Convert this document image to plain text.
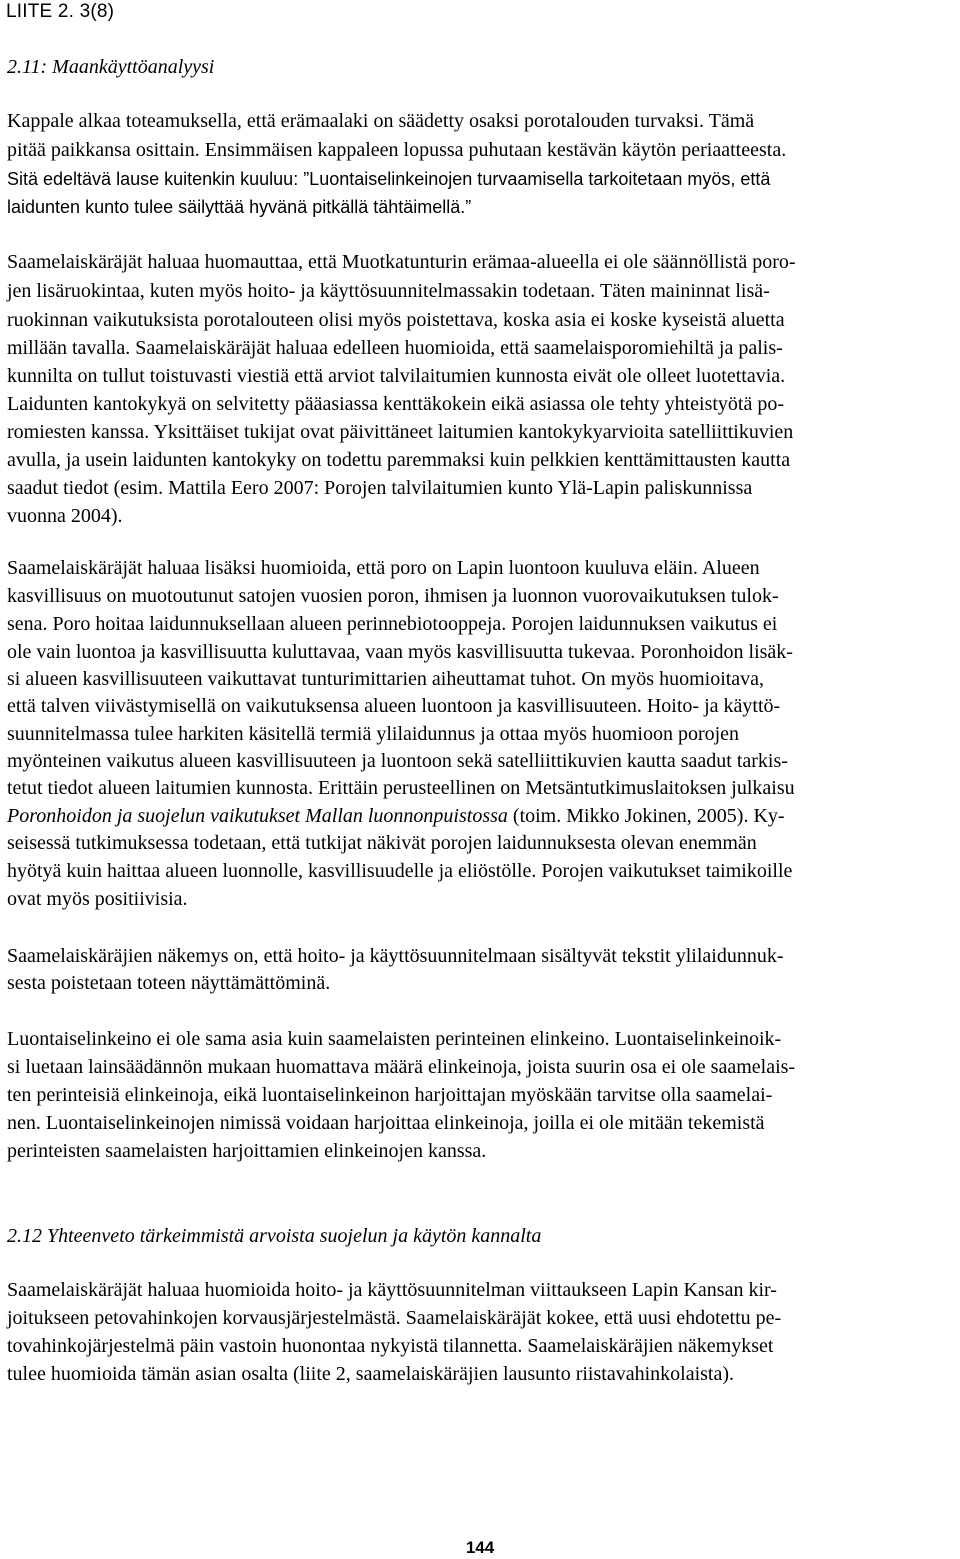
LIITE 2. 3(8)
2.11: Maankäyttöanalyysi
Kappale alkaa toteamuksella, että erämaalaki on säädetty osaksi porotalouden turvaksi. Tämä
pitää paikkansa osittain. Ensimmäisen kappaleen lopussa puhutaan kestävän käytön periaatteesta.
Sitä edeltävä lause kuitenkin kuuluu: ”Luontaiselinkeinojen turvaamisella tarkoitetaan myös, että
laidunten kunto tulee säilyttää hyvänä pitkällä tähtäimellä.”
Saamelaiskäräjät haluaa huomauttaa, että Muotkatunturin erämaa-alueella ei ole säännöllistä poro-
jen lisäruokintaa, kuten myös hoito- ja käyttösuunnitelmassakin todetaan. Täten maininnat lisä-
ruokinnan vaikutuksista porotalouteen olisi myös poistettava, koska asia ei koske kyseistä aluetta
millään tavalla. Saamelaiskäräjät haluaa edelleen huomioida, että saamelaisporomiehiltä ja palis-
kunnilta on tullut toistuvasti viestiä että arviot talvilaitumien kunnosta eivät ole olleet luotettavia.
Laidunten kantokykyä on selvitetty pääasiassa kenttäkokein eikä asiassa ole tehty yhteistyötä po-
romiesten kanssa. Yksittäiset tukijat ovat päivittäneet laitumien kantokykyarvioita satelliittikuvien
avulla, ja usein laidunten kantokyky on todettu paremmaksi kuin pelkkien kenttämittausten kautta
saadut tiedot (esim. Mattila Eero 2007: Porojen talvilaitumien kunto Ylä-Lapin paliskunnissa
vuonna 2004).
Saamelaiskäräjät haluaa lisäksi huomioida, että poro on Lapin luontoon kuuluva eläin. Alueen
kasvillisuus on muotoutunut satojen vuosien poron, ihmisen ja luonnon vuorovaikutuksen tulok-
sena. Poro hoitaa laidunnuksellaan alueen perinnebiotooppeja. Porojen laidunnuksen vaikutus ei
ole vain luontoa ja kasvillisuutta kuluttavaa, vaan myös kasvillisuutta tukevaa. Poronhoidon lisäk-
si alueen kasvillisuuteen vaikuttavat tunturimittarien aiheuttamat tuhot. On myös huomioitava,
että talven viivästymisellä on vaikutuksensa alueen luontoon ja kasvillisuuteen. Hoito- ja käyttö-
suunnitelmassa tulee harkiten käsitellä termiä ylilaidunnus ja ottaa myös huomioon porojen
myönteinen vaikutus alueen kasvillisuuteen ja luontoon sekä satelliittikuvien kautta saadut tarkis-
tetut tiedot alueen laitumien kunnosta. Erittäin perusteellinen on Metsäntutkimuslaitoksen julkaisu
Poronhoidon ja suojelun vaikutukset Mallan luonnonpuistossa (toim. Mikko Jokinen, 2005). Ky-
seisessä tutkimuksessa todetaan, että tutkijat näkivät porojen laidunnuksesta olevan enemmän
hyötyä kuin haittaa alueen luonnolle, kasvillisuudelle ja eliöstölle. Porojen vaikutukset taimikoille
ovat myös positiivisia.
Saamelaiskäräjien näkemys on, että hoito- ja käyttösuunnitelmaan sisältyvät tekstit ylilaidunnuk-
sesta poistetaan toteen näyttämättöminä.
Luontaiselinkeino ei ole sama asia kuin saamelaisten perinteinen elinkeino. Luontaiselinkeinoik-
si luetaan lainsäädännön mukaan huomattava määrä elinkeinoja, joista suurin osa ei ole saamelais-
ten perinteisiä elinkeinoja, eikä luontaiselinkeinon harjoittajan myöskään tarvitse olla saamelai-
nen. Luontaiselinkeinojen nimissä voidaan harjoittaa elinkeinoja, joilla ei ole mitään tekemistä
perinteisten saamelaisten harjoittamien elinkeinojen kanssa.
2.12 Yhteenveto tärkeimmistä arvoista suojelun ja käytön kannalta
Saamelaiskäräjät haluaa huomioida hoito- ja käyttösuunnitelman viittaukseen Lapin Kansan kir-
joitukseen petovahinkojen korvausjärjestelmästä. Saamelaiskäräjät kokee, että uusi ehdotettu pe-
tovahinkojärjestelmä päin vastoin huonontaa nykyistä tilannetta. Saamelaiskäräjien näkemykset
tulee huomioida tämän asian osalta (liite 2, saamelaiskäräjien lausunto riistavahinkolaista).
144
